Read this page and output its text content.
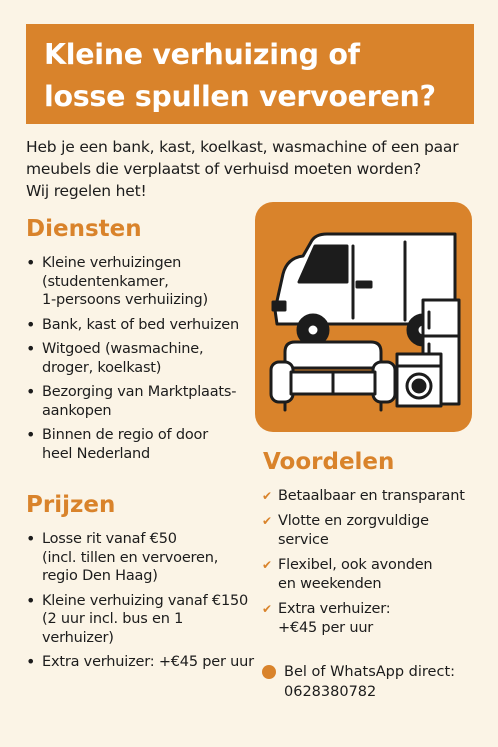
Kleine verhuizing of
losse spullen vervoeren?
Heb je een bank, kast, koelkast, wasmachine of een paar
meubels die verplaatst of verhuisd moeten worden?
Wij regelen het!
Diensten
• Kleine verhuizingen
(studentenkamer,
1-persoons verhuiizing)
• Bank, kast of bed verhuizen
• Witgoed (wasmachine,
droger, koelkast)
• Bezorging van Marktplaats-
aankopen
• Binnen de regio of door
heel Nederland
Prijzen
• Losse rit vanaf €50
(incl. tillen en vervoeren,
regio Den Haag)
• Kleine verhuizing vanaf €150
(2 uur incl. bus en 1
verhuizer)
• Extra verhuizer: +€45 per uur
Voordelen
✔ Betaalbaar en transparant
✔ Vlotte en zorgvuldige
service
✔ Flexibel, ook avonden
en weekenden
✔ Extra verhuizer:
+€45 per uur
Bel of WhatsApp direct:
0628380782
